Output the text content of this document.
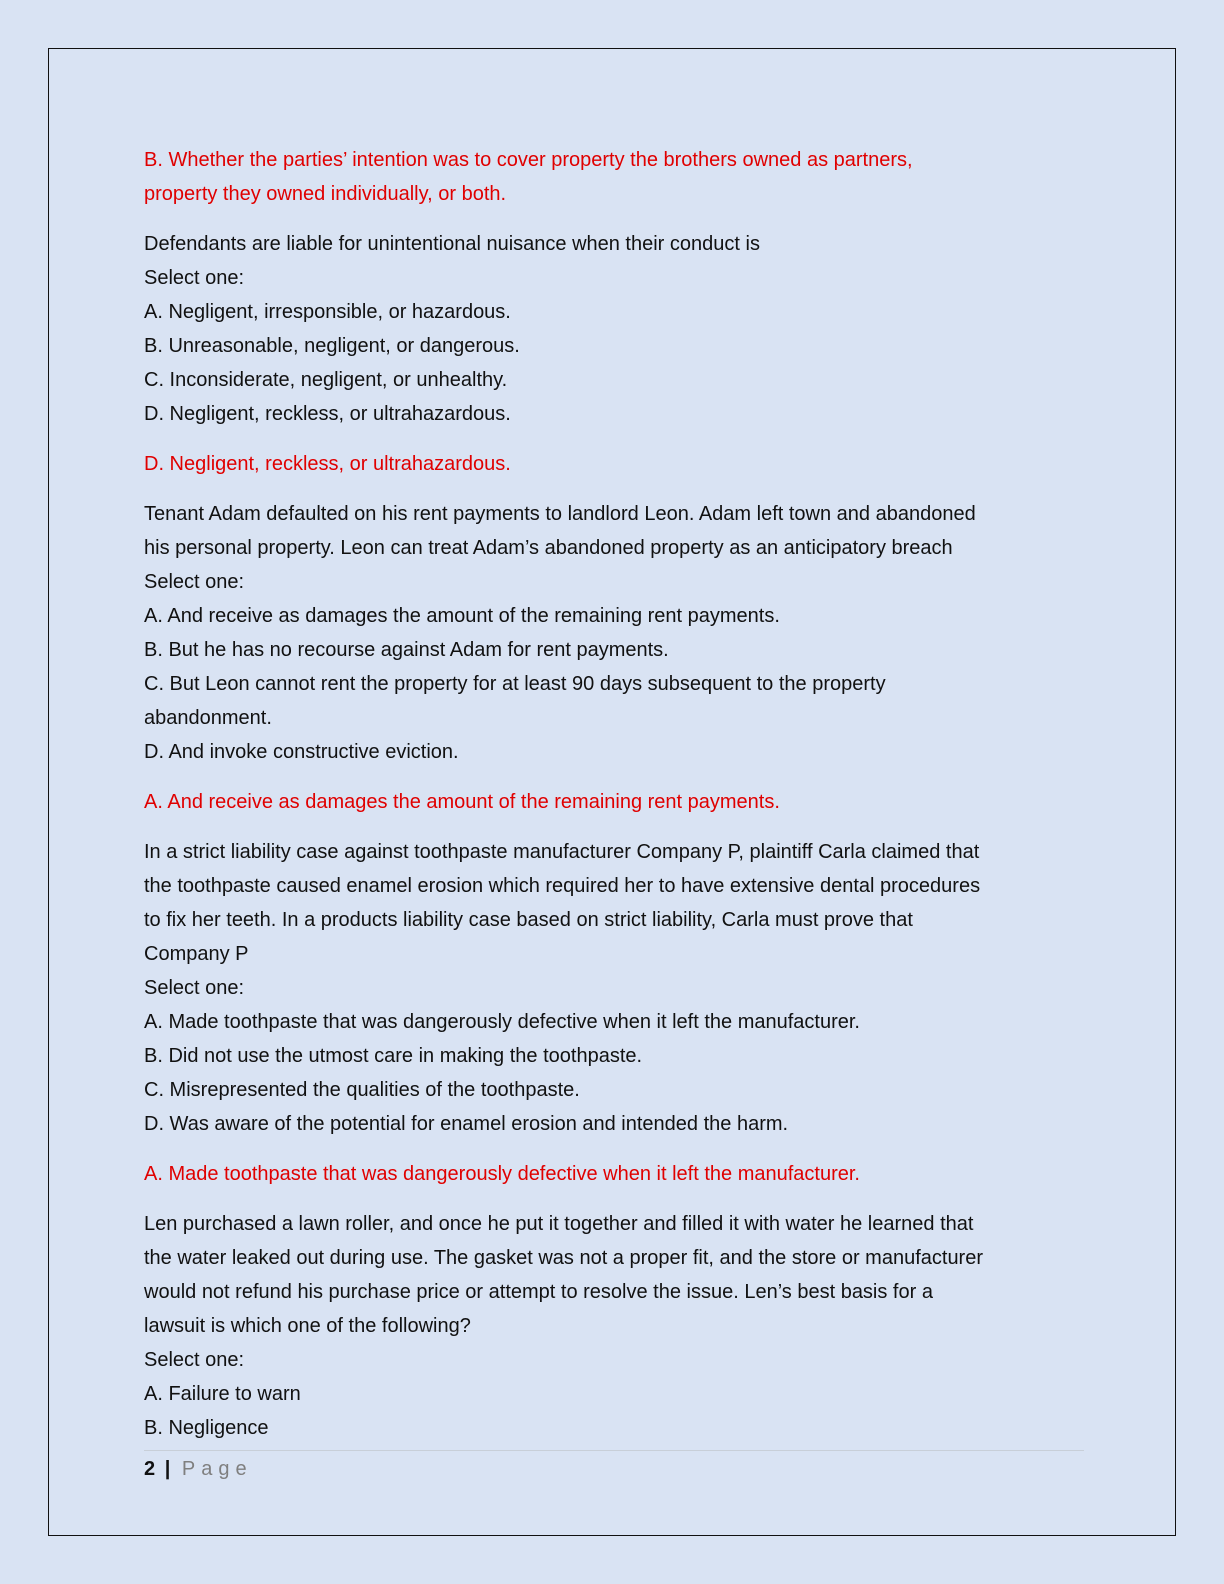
B. Whether the parties’ intention was to cover property the brothers owned as partners,

property they owned individually, or both.

Defendants are liable for unintentional nuisance when their conduct is

Select one:

A. Negligent, irresponsible, or hazardous.

B. Unreasonable, negligent, or dangerous.

C. Inconsiderate, negligent, or unhealthy.

D. Negligent, reckless, or ultrahazardous.

D. Negligent, reckless, or ultrahazardous.

Tenant Adam defaulted on his rent payments to landlord Leon. Adam left town and abandoned

his personal property. Leon can treat Adam’s abandoned property as an anticipatory breach

Select one:

A. And receive as damages the amount of the remaining rent payments.

B. But he has no recourse against Adam for rent payments.

C. But Leon cannot rent the property for at least 90 days subsequent to the property

abandonment.

D. And invoke constructive eviction.

A. And receive as damages the amount of the remaining rent payments.

In a strict liability case against toothpaste manufacturer Company P, plaintiff Carla claimed that

the toothpaste caused enamel erosion which required her to have extensive dental procedures

to fix her teeth. In a products liability case based on strict liability, Carla must prove that

Company P

Select one:

A. Made toothpaste that was dangerously defective when it left the manufacturer.

B. Did not use the utmost care in making the toothpaste.

C. Misrepresented the qualities of the toothpaste.

D. Was aware of the potential for enamel erosion and intended the harm.

A. Made toothpaste that was dangerously defective when it left the manufacturer.

Len purchased a lawn roller, and once he put it together and filled it with water he learned that

the water leaked out during use. The gasket was not a proper fit, and the store or manufacturer

would not refund his purchase price or attempt to resolve the issue. Len’s best basis for a

lawsuit is which one of the following?

Select one:

A. Failure to warn

B. Negligence

2 | Page
